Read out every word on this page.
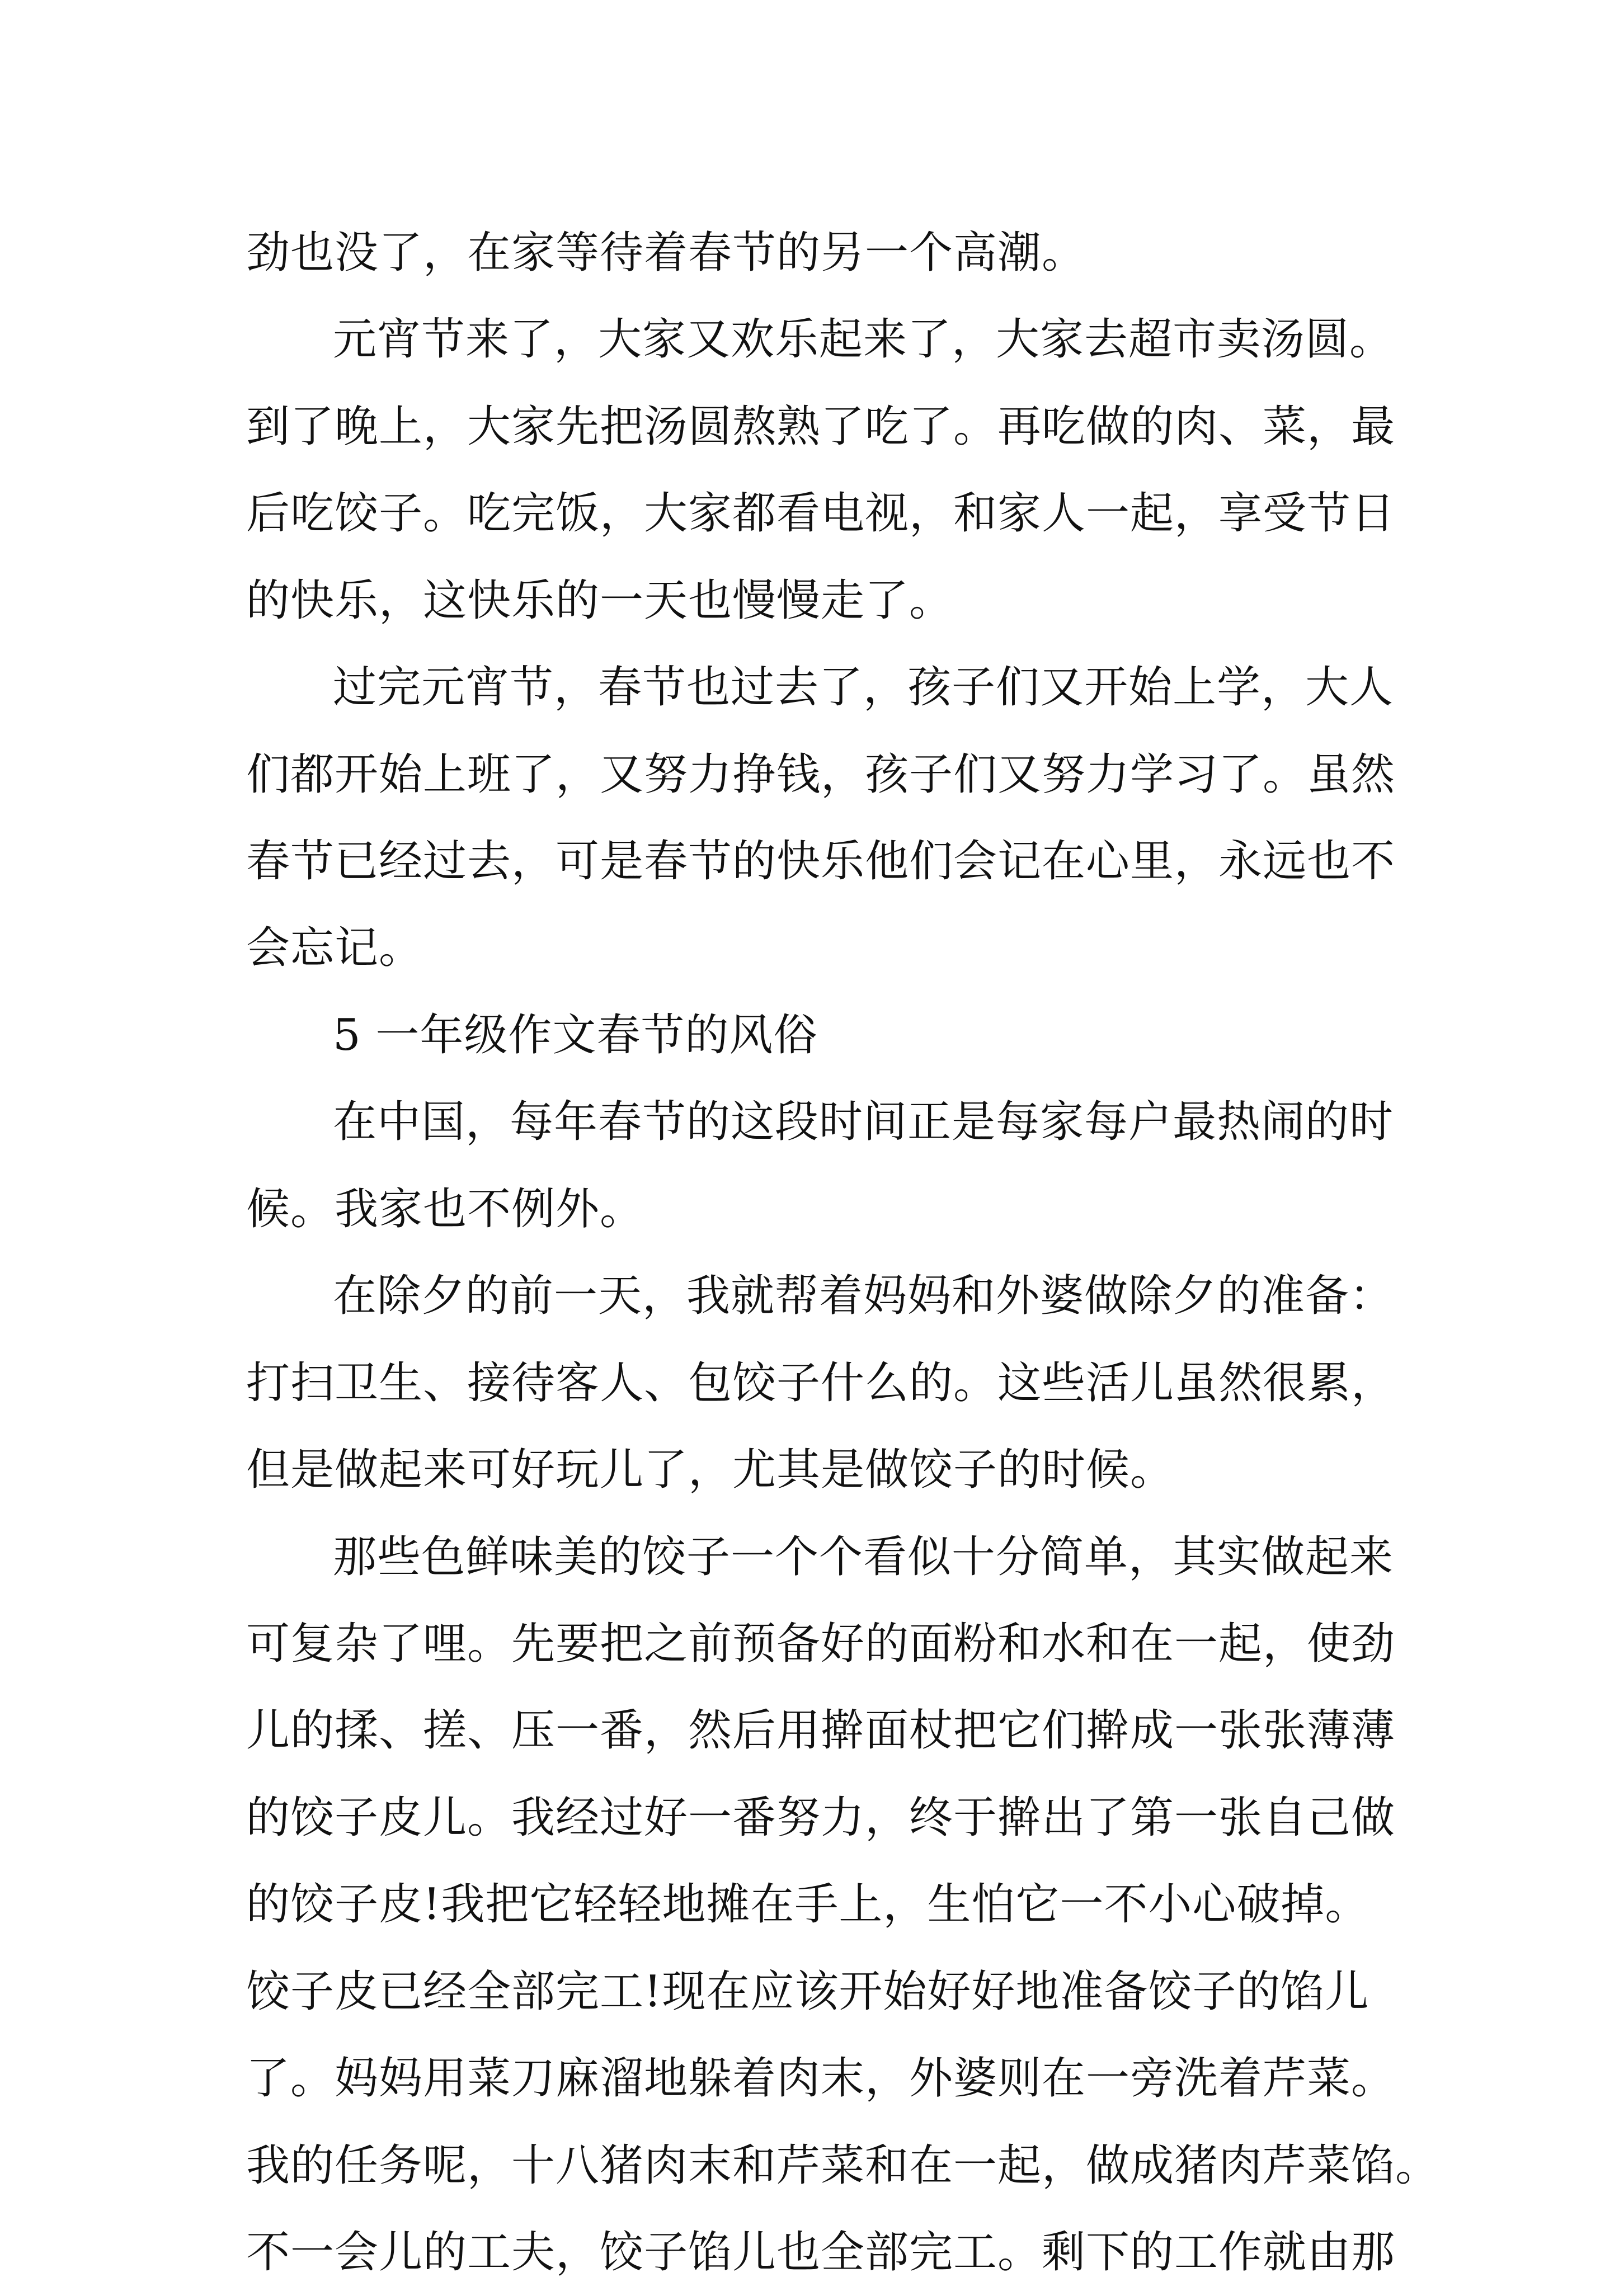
劲也没了，在家等待着春节的另一个高潮。
元宵节来了，大家又欢乐起来了，大家去超市卖汤圆。
到了晚上，大家先把汤圆熬熟了吃了。再吃做的肉、菜，最
后吃饺子。吃完饭，大家都看电视，和家人一起，享受节日
的快乐，这快乐的一天也慢慢走了。
过完元宵节，春节也过去了，孩子们又开始上学，大人
们都开始上班了，又努力挣钱，孩子们又努力学习了。虽然
春节已经过去，可是春节的快乐他们会记在心里，永远也不
会忘记。
5 一年级作文春节的风俗
在中国，每年春节的这段时间正是每家每户最热闹的时
候。我家也不例外。
在除夕的前一天，我就帮着妈妈和外婆做除夕的准备：
打扫卫生、接待客人、包饺子什么的。这些活儿虽然很累，
但是做起来可好玩儿了，尤其是做饺子的时候。
那些色鲜味美的饺子一个个看似十分简单，其实做起来
可复杂了哩。先要把之前预备好的面粉和水和在一起，使劲
儿的揉、搓、压一番，然后用擀面杖把它们擀成一张张薄薄
的饺子皮儿。我经过好一番努力，终于擀出了第一张自己做
的饺子皮!我把它轻轻地摊在手上，生怕它一不小心破掉。
饺子皮已经全部完工!现在应该开始好好地准备饺子的馅儿
了。妈妈用菜刀麻溜地躲着肉末，外婆则在一旁洗着芹菜。
我的任务呢，十八猪肉末和芹菜和在一起，做成猪肉芹菜馅。
不一会儿的工夫，饺子馅儿也全部完工。剩下的工作就由那
